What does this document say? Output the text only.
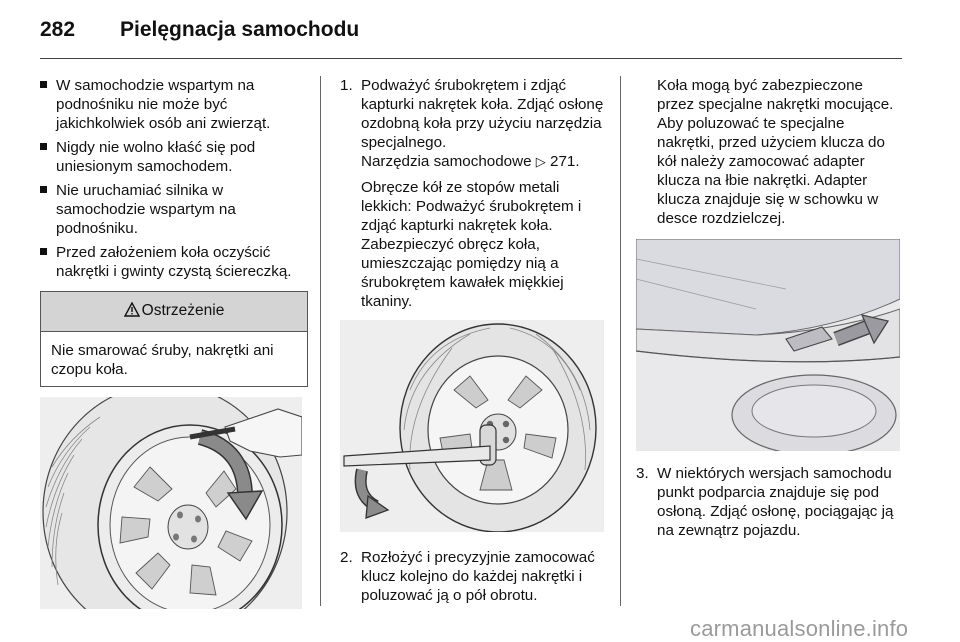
282 Pielęgnacja samochodu
W samochodzie wspartym na podnośniku nie może być jakichkolwiek osób ani zwierząt.
Nigdy nie wolno kłaść się pod uniesionym samochodem.
Nie uruchamiać silnika w samochodzie wspartym na podnośniku.
Przed założeniem koła oczyścić nakrętki i gwinty czystą ściereczką.
Ostrzeżenie
Nie smarować śruby, nakrętki ani czopu koła.
1. Podważyć śrubokrętem i zdjąć kapturki nakrętek koła. Zdjąć osłonę ozdobną koła przy użyciu narzędzia specjalnego.
Narzędzia samochodowe ▷ 271.
Obręcze kół ze stopów metali lekkich: Podważyć śrubokrętem i zdjąć kapturki nakrętek koła. Zabezpieczyć obręcz koła, umieszczając pomiędzy nią a śrubokrętem kawałek miękkiej tkaniny.
2. Rozłożyć i precyzyjnie zamocować klucz kolejno do każdej nakrętki i poluzować ją o pół obrotu.
Koła mogą być zabezpieczone przez specjalne nakrętki mocujące. Aby poluzować te specjalne nakrętki, przed użyciem klucza do kół należy zamocować adapter klucza na łbie nakrętki. Adapter klucza znajduje się w schowku w desce rozdzielczej.
3. W niektórych wersjach samochodu punkt podparcia znajduje się pod osłoną. Zdjąć osłonę, pociągając ją na zewnątrz pojazdu.
carmanualsonline.info
